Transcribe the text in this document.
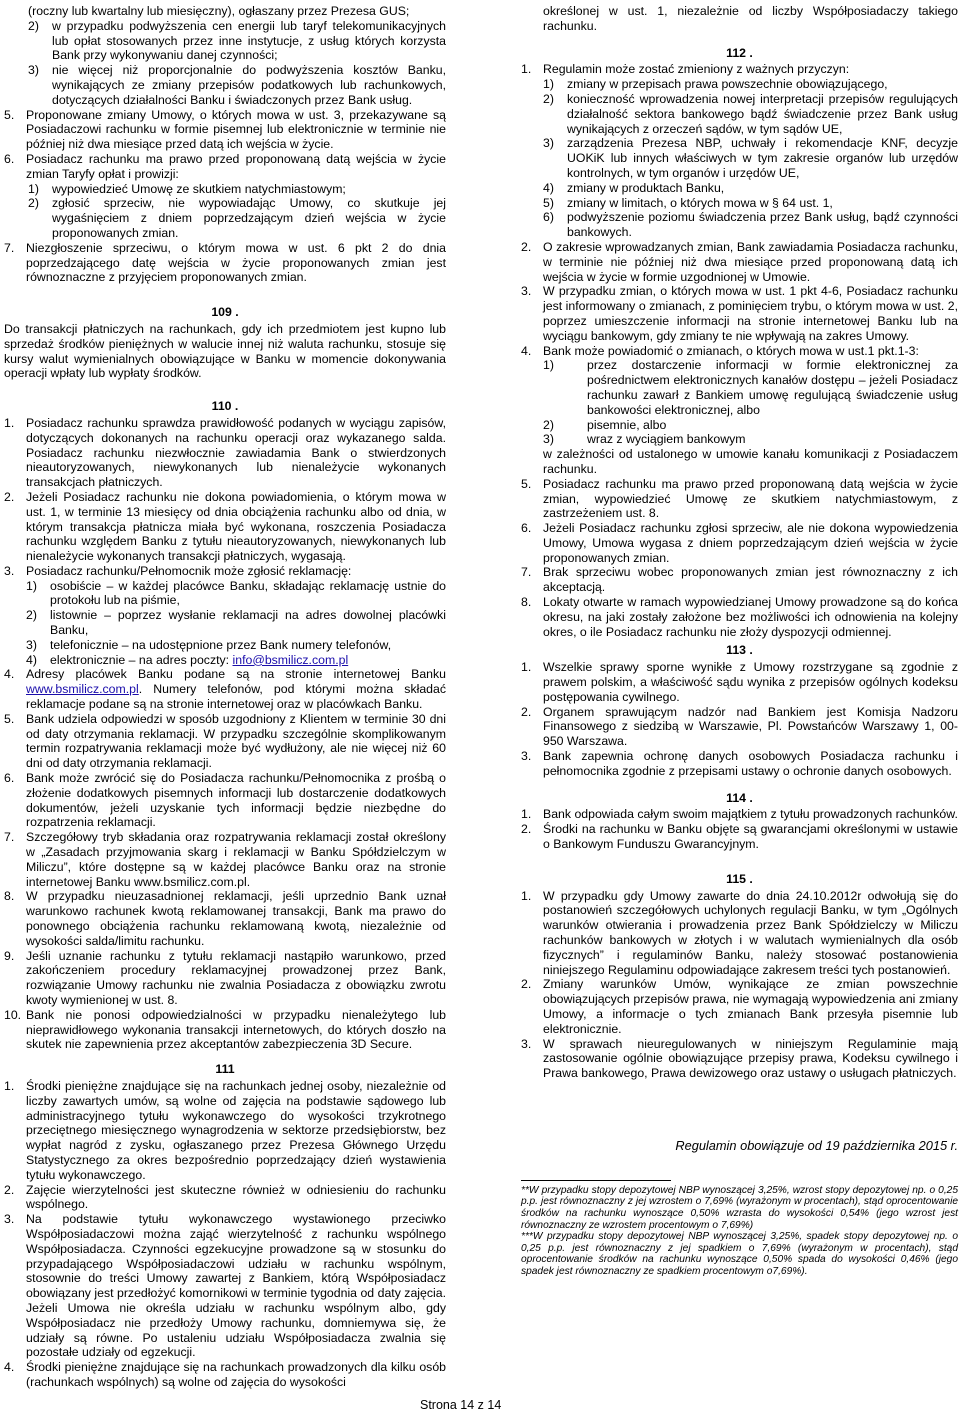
(roczny lub kwartalny lub miesięczny), ogłaszany przez Prezesa GUS;

2)	w przypadku podwyższenia cen energii lub taryf telekomunikacyjnych lub opłat stosowanych przez inne instytucje, z usług których korzysta Bank przy wykonywaniu danej czynności;
3)	nie więcej niż proporcjonalnie do podwyższenia kosztów Banku, wynikających ze zmiany przepisów podatkowych lub rachunkowych, dotyczących działalności Banku i świadczonych przez Bank usług.
5. Proponowane zmiany Umowy, o których mowa w ust. 3, przekazywane są Posiadaczowi rachunku w formie pisemnej lub elektronicznie w terminie nie później niż dwa miesiące przed datą ich wejścia w życie.
6. Posiadacz rachunku ma prawo przed proponowaną datą wejścia w życie zmian Taryfy opłat i prowizji:
1)	wypowiedzieć Umowę ze skutkiem natychmiastowym;
2)	zgłosić sprzeciw, nie wypowiadając Umowy, co skutkuje jej wygaśnięciem z dniem poprzedzającym dzień wejścia w życie proponowanych zmian.
7. Niezgłoszenie sprzeciwu, o którym mowa w ust. 6 pkt 2 do dnia poprzedzającego datę wejścia w życie proponowanych zmian jest równoznaczne z przyjęciem proponowanych zmian.
109 .

Do transakcji płatniczych na rachunkach, gdy ich przedmiotem jest kupno lub sprzedaż środków pieniężnych w walucie innej niż waluta rachunku, stosuje się kursy walut wymienialnych obowiązujące w Banku w momencie dokonywania operacji wpłaty lub wypłaty środków.

110 .
1. Posiadacz rachunku sprawdza prawidłowość podanych w wyciągu zapisów, dotyczących dokonanych na rachunku operacji oraz wykazanego salda. Posiadacz rachunku niezwłocznie zawiadamia Bank o stwierdzonych nieautoryzowanych, niewykonanych lub nienależycie wykonanych transakcjach płatniczych.
2. Jeżeli Posiadacz rachunku nie dokona powiadomienia, o którym mowa w ust. 1, w terminie 13 miesięcy od dnia obciążenia rachunku albo od dnia, w którym transakcja płatnicza miała być wykonana, roszczenia Posiadacza rachunku względem Banku z tytułu nieautoryzowanych, niewykonanych lub nienależycie wykonanych transakcji płatniczych, wygasają.
3. Posiadacz rachunku/Pełnomocnik może zgłosić reklamację:
1)	osobiście – w każdej placówce Banku, składając reklamację ustnie do protokołu lub na piśmie,
2)	listownie – poprzez wysłanie reklamacji na adres dowolnej placówki Banku,
3)	telefonicznie – na udostępnione przez Bank numery telefonów,
4)	elektronicznie – na adres poczty: info@bsmilicz.com.pl
4. Adresy placówek Banku podane są na stronie internetowej Banku www.bsmilicz.com.pl. Numery telefonów, pod którymi można składać reklamacje podane są na stronie internetowej oraz w placówkach Banku.
5. Bank udziela odpowiedzi w sposób uzgodniony z Klientem w terminie 30 dni od daty otrzymania reklamacji. W przypadku szczególnie skomplikowanym termin rozpatrywania reklamacji może być wydłużony, ale nie więcej niż 60 dni od daty otrzymania reklamacji.
6. Bank może zwrócić się do Posiadacza rachunku/Pełnomocnika z prośbą o złożenie dodatkowych pisemnych informacji lub dostarczenie dodatkowych dokumentów, jeżeli uzyskanie tych informacji będzie niezbędne do rozpatrzenia reklamacji.
7. Szczegółowy tryb składania oraz rozpatrywania reklamacji został określony w „Zasadach przyjmowania skarg i reklamacji w Banku Spółdzielczym w Miliczu”, które dostępne są w każdej placówce Banku oraz na stronie internetowej Banku www.bsmilicz.com.pl.
8. W przypadku nieuzasadnionej reklamacji, jeśli uprzednio Bank uznał warunkowo rachunek kwotą reklamowanej transakcji, Bank ma prawo do ponownego obciążenia rachunku reklamowaną kwotą, niezależnie od wysokości salda/limitu rachunku.
9. Jeśli uznanie rachunku z tytułu reklamacji nastąpiło warunkowo, przed zakończeniem procedury reklamacyjnej prowadzonej przez Bank, rozwiązanie Umowy rachunku nie zwalnia Posiadacza z obowiązku zwrotu kwoty wymienionej w ust. 8.
10. Bank nie ponosi odpowiedzialności w przypadku nienależytego lub nieprawidłowego wykonania transakcji internetowych, do których doszło na skutek nie zapewnienia przez akceptantów zabezpieczenia 3D Secure.
111
1. Środki pieniężne znajdujące się na rachunkach jednej osoby, niezależnie od liczby zawartych umów, są wolne od zajęcia na podstawie sądowego lub administracyjnego tytułu wykonawczego do wysokości trzykrotnego przeciętnego miesięcznego wynagrodzenia w sektorze przedsiębiorstw, bez wypłat nagród z zysku, ogłaszanego przez Prezesa Głównego Urzędu Statystycznego za okres bezpośrednio poprzedzający dzień wystawienia tytułu wykonawczego.
2. Zajęcie wierzytelności jest skuteczne również w odniesieniu do rachunku wspólnego.
3. Na podstawie tytułu wykonawczego wystawionego przeciwko Współposiadaczowi można zająć wierzytelność z rachunku wspólnego Współposiadacza. Czynności egzekucyjne prowadzone są w stosunku do przypadającego Współposiadaczowi udziału w rachunku wspólnym, stosownie do treści Umowy zawartej z Bankiem, którą Współposiadacz obowiązany jest przedłożyć komornikowi w terminie tygodnia od daty zajęcia. Jeżeli Umowa nie określa udziału w rachunku wspólnym albo, gdy Współposiadacz nie przedłoży Umowy rachunku, domniemywa się, że udziały są równe. Po ustaleniu udziału Współposiadacza zwalnia się pozostałe udziały od egzekucji.
4. Środki pieniężne znajdujące się na rachunkach prowadzonych dla kilku osób (rachunkach wspólnych) są wolne od zajęcia do wysokości

określonej w ust. 1, niezależnie od liczby Współposiadaczy takiego rachunku.

112 .
1. Regulamin może zostać zmieniony z ważnych przyczyn:
1)	zmiany w przepisach prawa powszechnie obowiązującego,
2)	konieczność wprowadzenia nowej interpretacji przepisów regulujących działalność sektora bankowego bądź świadczenie przez Bank usług wynikających z orzeczeń sądów, w tym sądów UE,
3)	zarządzenia Prezesa NBP, uchwały i rekomendacje KNF, decyzje UOKiK lub innych właściwych w tym zakresie organów lub urzędów kontrolnych, w tym organów i urzędów UE,
4)	zmiany w produktach Banku,
5)	zmiany w limitach, o których mowa w § 64 ust. 1,
6)	podwyższenie poziomu świadczenia przez Bank usług, bądź czynności bankowych.
2. O zakresie wprowadzanych zmian, Bank zawiadamia Posiadacza rachunku, w terminie nie później niż dwa miesiące przed proponowaną datą ich wejścia w życie w formie uzgodnionej w Umowie.
3. W przypadku zmian, o których mowa w ust. 1 pkt 4-6, Posiadacz rachunku jest informowany o zmianach, z pominięciem trybu, o którym mowa w ust. 2, poprzez umieszczenie informacji na stronie internetowej Banku lub na wyciągu bankowym, gdy zmiany te nie wpływają na zakres Umowy.
4. Bank może powiadomić o zmianach, o których mowa w ust.1 pkt.1-3:
1)	przez dostarczenie informacji w formie elektronicznej za pośrednictwem elektronicznych kanałów dostępu – jeżeli Posiadacz rachunku zawarł z Bankiem umowę regulującą świadczenie usług bankowości elektronicznej, albo
2)	pisemnie, albo
3)	wraz z wyciągiem bankowym

w zależności od ustalonego w umowie kanału komunikacji z Posiadaczem rachunku.

5. Posiadacz rachunku ma prawo przed proponowaną datą wejścia w życie zmian, wypowiedzieć Umowę ze skutkiem natychmiastowym, z zastrzeżeniem ust. 8.
6. Jeżeli Posiadacz rachunku zgłosi sprzeciw, ale nie dokona wypowiedzenia Umowy, Umowa wygasa z dniem poprzedzającym dzień wejścia w życie proponowanych zmian.
7. Brak sprzeciwu wobec proponowanych zmian jest równoznaczny z ich akceptacją.
8. Lokaty otwarte w ramach wypowiedzianej Umowy prowadzone są do końca okresu, na jaki zostały założone bez możliwości ich odnowienia na kolejny okres, o ile Posiadacz rachunku nie złoży dyspozycji odmiennej.
113 .
1. Wszelkie sprawy sporne wynikłe z Umowy rozstrzygane są zgodnie z prawem polskim, a właściwość sądu wynika z przepisów ogólnych kodeksu postępowania cywilnego.
2. Organem sprawującym nadzór nad Bankiem jest Komisja Nadzoru Finansowego z siedzibą w Warszawie, Pl. Powstańców Warszawy 1, 00-950 Warszawa.
3. Bank zapewnia ochronę danych osobowych Posiadacza rachunku i pełnomocnika zgodnie z przepisami ustawy o ochronie danych osobowych.
114 .
1. Bank odpowiada całym swoim majątkiem z tytułu prowadzonych rachunków.
2. Środki na rachunku w Banku objęte są gwarancjami określonymi w ustawie o Bankowym Funduszu Gwarancyjnym.
115 .
1. W przypadku gdy Umowy zawarte do dnia 24.10.2012r odwołują się do postanowień szczegółowych uchylonych regulacji Banku, w tym „Ogólnych warunków otwierania i prowadzenia przez Bank Spółdzielczy w Miliczu rachunków bankowych w złotych i w walutach wymienialnych dla osób fizycznych” i regulaminów Banku, należy stosować postanowienia niniejszego Regulaminu odpowiadające zakresem treści tych postanowień.
2. Zmiany warunków Umów, wynikające ze zmian powszechnie obowiązujących przepisów prawa, nie wymagają wypowiedzenia ani zmiany Umowy, a informacje o tych zmianach Bank przesyła pisemnie lub elektronicznie.
3. W sprawach nieuregulowanych w niniejszym Regulaminie mają zastosowanie ogólnie obowiązujące przepisy prawa, Kodeksu cywilnego i Prawa bankowego, Prawa dewizowego oraz ustawy o usługach płatniczych.
Regulamin obowiązuje od 19 października 2015 r.

**W przypadku stopy depozytowej NBP wynoszącej 3,25%, wzrost stopy depozytowej np. o 0,25 p.p. jest równoznaczny z jej wzrostem o 7,69% (wyrażonym w procentach), stąd oprocentowanie środków na rachunku wynoszące 0,50% wzrasta do wysokości 0,54% (jego wzrost jest równoznaczny ze wzrostem procentowym o 7,69%)

***W przypadku stopy depozytowej NBP wynoszącej 3,25%, spadek stopy depozytowej np. o 0,25 p.p. jest równoznaczny z jej spadkiem o 7,69% (wyrażonym w procentach), stąd oprocentowanie środków na rachunku wynoszące 0,50% spada do wysokości 0,46% (jego spadek jest równoznaczny ze spadkiem procentowym o7,69%).

Strona 14 z 14
